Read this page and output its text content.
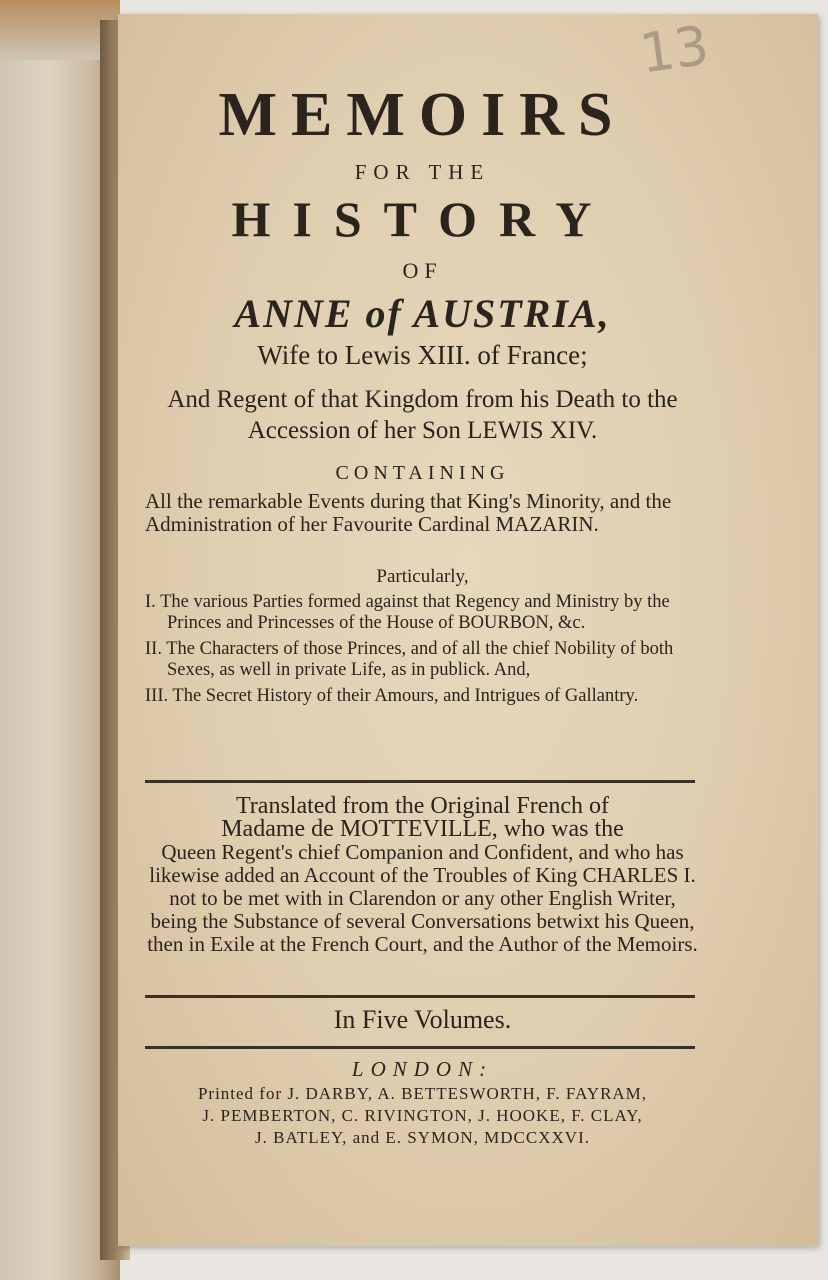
13
MEMOIRS
FOR THE
HISTORY
OF
ANNE of AUSTRIA,
Wife to Lewis XIII. of France;
And Regent of that Kingdom from his Death to the Accession of her Son LEWIS XIV.
CONTAINING
All the remarkable Events during that King's Minority, and the Administration of her Favourite Cardinal MAZARIN.
Particularly,

I. The various Parties formed against that Regency and Ministry by the Princes and Princesses of the House of BOURBON, &c.

II. The Characters of those Princes, and of all the chief Nobility of both Sexes, as well in private Life, as in publick. And,

III. The Secret History of their Amours, and Intrigues of Gallantry.

Translated from the Original French of
Madame de MOTTEVILLE, who was the
Queen Regent's chief Companion and Confident, and who has likewise added an Account of the Troubles of King CHARLES I. not to be met with in Clarendon or any other English Writer, being the Substance of several Conversations betwixt his Queen, then in Exile at the French Court, and the Author of the Memoirs.
In Five Volumes.
LONDON:
Printed for J. DARBY, A. BETTESWORTH, F. FAYRAM,
J. PEMBERTON, C. RIVINGTON, J. HOOKE, F. CLAY,
J. BATLEY, and E. SYMON, MDCCXXVI.
